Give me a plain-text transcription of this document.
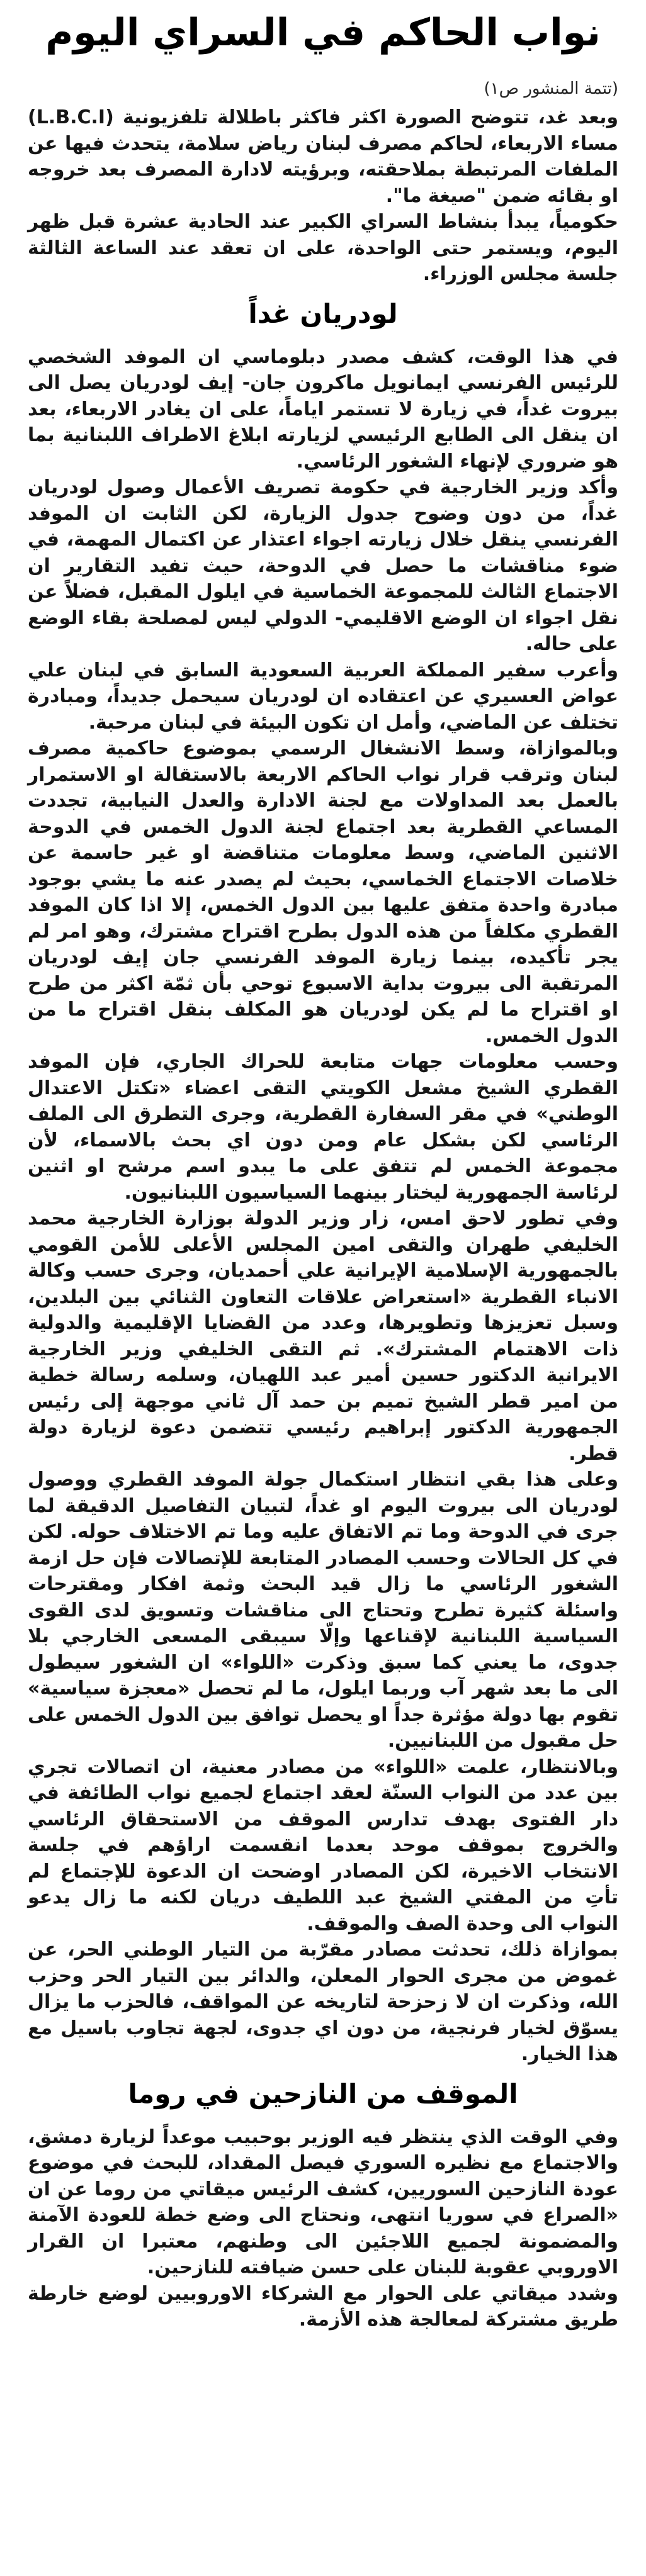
نواب الحاكم في السراي اليوم

(تتمة المنشور ص١)

وبعد غد، تتوضح الصورة اكثر فاكثر باطلالة تلفزيونية (L.B.C.I) مساء الاربعاء، لحاكم مصرف لبنان رياض سلامة، يتحدث فيها عن الملفات المرتبطة بملاحقته، وبرؤيته لادارة المصرف بعد خروجه او بقائه ضمن "صيغة ما".

حكومياً، يبدأ بنشاط السراي الكبير عند الحادية عشرة قبل ظهر اليوم، ويستمر حتى الواحدة، على ان تعقد عند الساعة الثالثة جلسة مجلس الوزراء.

لودريان غداً

في هذا الوقت، كشف مصدر دبلوماسي ان الموفد الشخصي للرئيس الفرنسي ايمانويل ماكرون جان- إيف لودريان يصل الى بيروت غداً، في زيارة لا تستمر اياماً، على ان يغادر الاربعاء، بعد ان ينقل الى الطابع الرئيسي لزيارته ابلاغ الاطراف اللبنانية بما هو ضروري لإنهاء الشغور الرئاسي.

وأكد وزير الخارجية في حكومة تصريف الأعمال وصول لودريان غداً، من دون وضوح جدول الزيارة، لكن الثابت ان الموفد الفرنسي ينقل خلال زيارته اجواء اعتذار عن اكتمال المهمة، في ضوء مناقشات ما حصل في الدوحة، حيث تفيد التقارير ان الاجتماع الثالث للمجموعة الخماسية في ايلول المقبل، فضلاً عن نقل اجواء ان الوضع الاقليمي- الدولي ليس لمصلحة بقاء الوضع على حاله.

وأعرب سفير المملكة العربية السعودية السابق في لبنان علي عواض العسيري عن اعتقاده ان لودريان سيحمل جديداً، ومبادرة تختلف عن الماضي، وأمل ان تكون البيئة في لبنان مرحبة.

وبالموازاة، وسط الانشغال الرسمي بموضوع حاكمية مصرف لبنان وترقب قرار نواب الحاكم الاربعة بالاستقالة او الاستمرار بالعمل بعد المداولات مع لجنة الادارة والعدل النيابية، تجددت المساعي القطرية بعد اجتماع لجنة الدول الخمس في الدوحة الاثنين الماضي، وسط معلومات متناقضة او غير حاسمة عن خلاصات الاجتماع الخماسي، بحيث لم يصدر عنه ما يشي بوجود مبادرة واحدة متفق عليها بين الدول الخمس، إلا اذا كان الموفد القطري مكلفاً من هذه الدول بطرح اقتراح مشترك، وهو امر لم يجر تأكيده، بينما زيارة الموفد الفرنسي جان إيف لودريان المرتقبة الى بيروت بداية الاسبوع توحي بأن ثمّة اكثر من طرح او اقتراح ما لم يكن لودريان هو المكلف بنقل اقتراح ما من الدول الخمس.

وحسب معلومات جهات متابعة للحراك الجاري، فإن الموفد القطري الشيخ مشعل الكويتي التقى اعضاء «تكتل الاعتدال الوطني» في مقر السفارة القطرية، وجرى التطرق الى الملف الرئاسي لكن بشكل عام ومن دون اي بحث بالاسماء، لأن مجموعة الخمس لم تتفق على ما يبدو اسم مرشح او اثنين لرئاسة الجمهورية ليختار بينهما السياسيون اللبنانيون.

وفي تطور لاحق امس، زار وزير الدولة بوزارة الخارجية محمد الخليفي طهران والتقى امين المجلس الأعلى للأمن القومي بالجمهورية الإسلامية الإيرانية علي أحمديان، وجرى حسب وكالة الانباء القطرية «استعراض علاقات التعاون الثنائي بين البلدين، وسبل تعزيزها وتطويرها، وعدد من القضايا الإقليمية والدولية ذات الاهتمام المشترك». ثم التقى الخليفي وزير الخارجية الايرانية الدكتور حسين أمير عبد اللهيان، وسلمه رسالة خطية من امير قطر الشيخ تميم بن حمد آل ثاني موجهة إلى رئيس الجمهورية الدكتور إبراهيم رئيسي تتضمن دعوة لزيارة دولة قطر.

وعلى هذا بقي انتظار استكمال جولة الموفد القطري ووصول لودريان الى بيروت اليوم او غداً، لتبيان التفاصيل الدقيقة لما جرى في الدوحة وما تم الاتفاق عليه وما تم الاختلاف حوله. لكن في كل الحالات وحسب المصادر المتابعة للإتصالات فإن حل ازمة الشغور الرئاسي ما زال قيد البحث وثمة افكار ومقترحات واسئلة كثيرة تطرح وتحتاج الى مناقشات وتسويق لدى القوى السياسية اللبنانية لإقناعها وإلّا سيبقى المسعى الخارجي بلا جدوى، ما يعني كما سبق وذكرت «اللواء» ان الشغور سيطول الى ما بعد شهر آب وربما ايلول، ما لم تحصل «معجزة سياسية» تقوم بها دولة مؤثرة جداً او يحصل توافق بين الدول الخمس على حل مقبول من اللبنانيين.

وبالانتظار، علمت «اللواء» من مصادر معنية، ان اتصالات تجري بين عدد من النواب السنّة لعقد اجتماع لجميع نواب الطائفة في دار الفتوى بهدف تدارس الموقف من الاستحقاق الرئاسي والخروج بموقف موحد بعدما انقسمت اراؤهم في جلسة الانتخاب الاخيرة، لكن المصادر اوضحت ان الدعوة للإجتماع لم تأتِ من المفتي الشيخ عبد اللطيف دريان لكنه ما زال يدعو النواب الى وحدة الصف والموقف.

بموازاة ذلك، تحدثت مصادر مقرّبة من التيار الوطني الحر، عن غموض من مجرى الحوار المعلن، والدائر بين التيار الحر وحزب الله، وذكرت ان لا زحزحة لتاريخه عن المواقف، فالحزب ما يزال يسوّق لخيار فرنجية، من دون اي جدوى، لجهة تجاوب باسيل مع هذا الخيار.

الموقف من النازحين في روما

وفي الوقت الذي ينتظر فيه الوزير بوحبيب موعداً لزيارة دمشق، والاجتماع مع نظيره السوري فيصل المقداد، للبحث في موضوع عودة النازحين السوريين، كشف الرئيس ميقاتي من روما عن ان «الصراع في سوريا انتهى، ونحتاج الى وضع خطة للعودة الآمنة والمضمونة لجميع اللاجئين الى وطنهم، معتبرا ان القرار الاوروبي عقوبة للبنان على حسن ضيافته للنازحين.

وشدد ميقاتي على الحوار مع الشركاء الاوروبيين لوضع خارطة طريق مشتركة لمعالجة هذه الأزمة.
